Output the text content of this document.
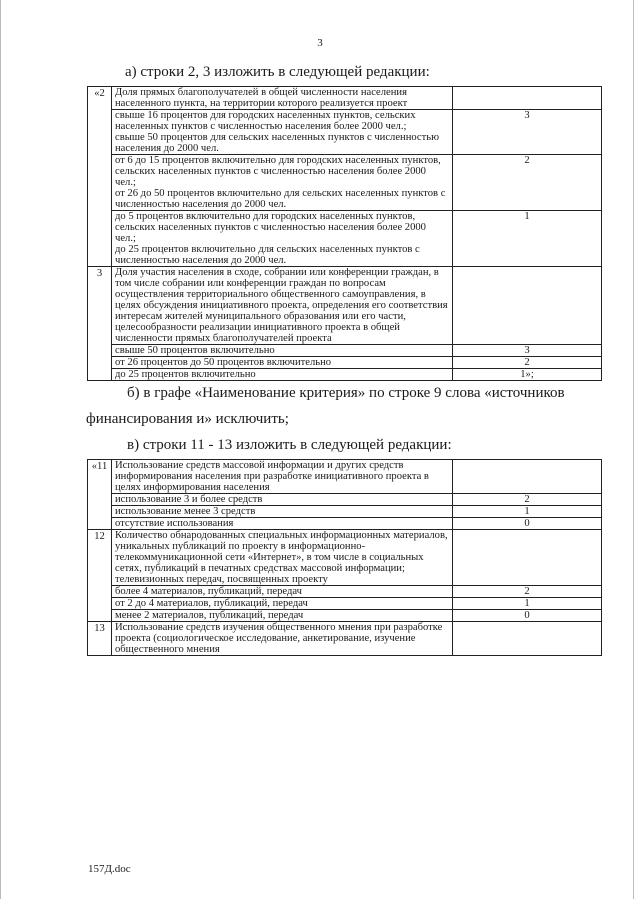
3
а) строки 2, 3 изложить в следующей редакции:
«2	Доля прямых благополучателей в общей численности населения населенного пункта, на территории которого реализуется проект	

	свыше 16 процентов для городских населенных пунктов, сельских населенных пунктов с численностью населения более 2000 чел.;
свыше 50 процентов для сельских населенных пунктов с численностью населения до 2000 чел.	3

	от 6 до 15 процентов включительно для городских населенных пунктов, сельских населенных пунктов с численностью населения более 2000 чел.;
от 26 до 50 процентов включительно для сельских населенных пунктов с численностью населения до 2000 чел.	2

	до 5 процентов включительно для городских населенных пунктов, сельских населенных пунктов с численностью населения более 2000 чел.;
до 25 процентов включительно для сельских населенных пунктов с численностью населения до 2000 чел.	1
3	Доля участия населения в сходе, собрании или конференции граждан, в том числе собрании или конференции граждан по вопросам осуществления территориального общественного самоуправления, в целях обсуждения инициативного проекта, определения его соответствия интересам жителей муниципального образования или его части, целесообразности реализации инициативного проекта в общей численности прямых благополучателей проекта	

	свыше 50 процентов включительно	3

	от 26 процентов до 50 процентов включительно	2

	до 25 процентов включительно	1»;
б) в графе «Наименование критерия» по строке 9 слова «источников
финансирования и» исключить;
в) строки 11 - 13 изложить в следующей редакции:
«11	Использование средств массовой информации и других средств информирования населения при разработке инициативного проекта в целях информирования населения	

	использование 3 и более средств	2

	использование менее 3 средств	1

	отсутствие использования	0
12	Количество обнародованных специальных информационных материалов, уникальных публикаций по проекту в информационно-телекоммуникационной сети «Интернет», в том числе в социальных сетях, публикаций в печатных средствах массовой информации; телевизионных передач, посвященных проекту	

	более 4 материалов, публикаций, передач	2

	от 2 до 4 материалов, публикаций, передач	1

	менее 2 материалов, публикаций, передач	0
13	Использование средств изучения общественного мнения при разработке проекта (социологическое исследование, анкетирование, изучение общественного мнения	

157Д.doc
